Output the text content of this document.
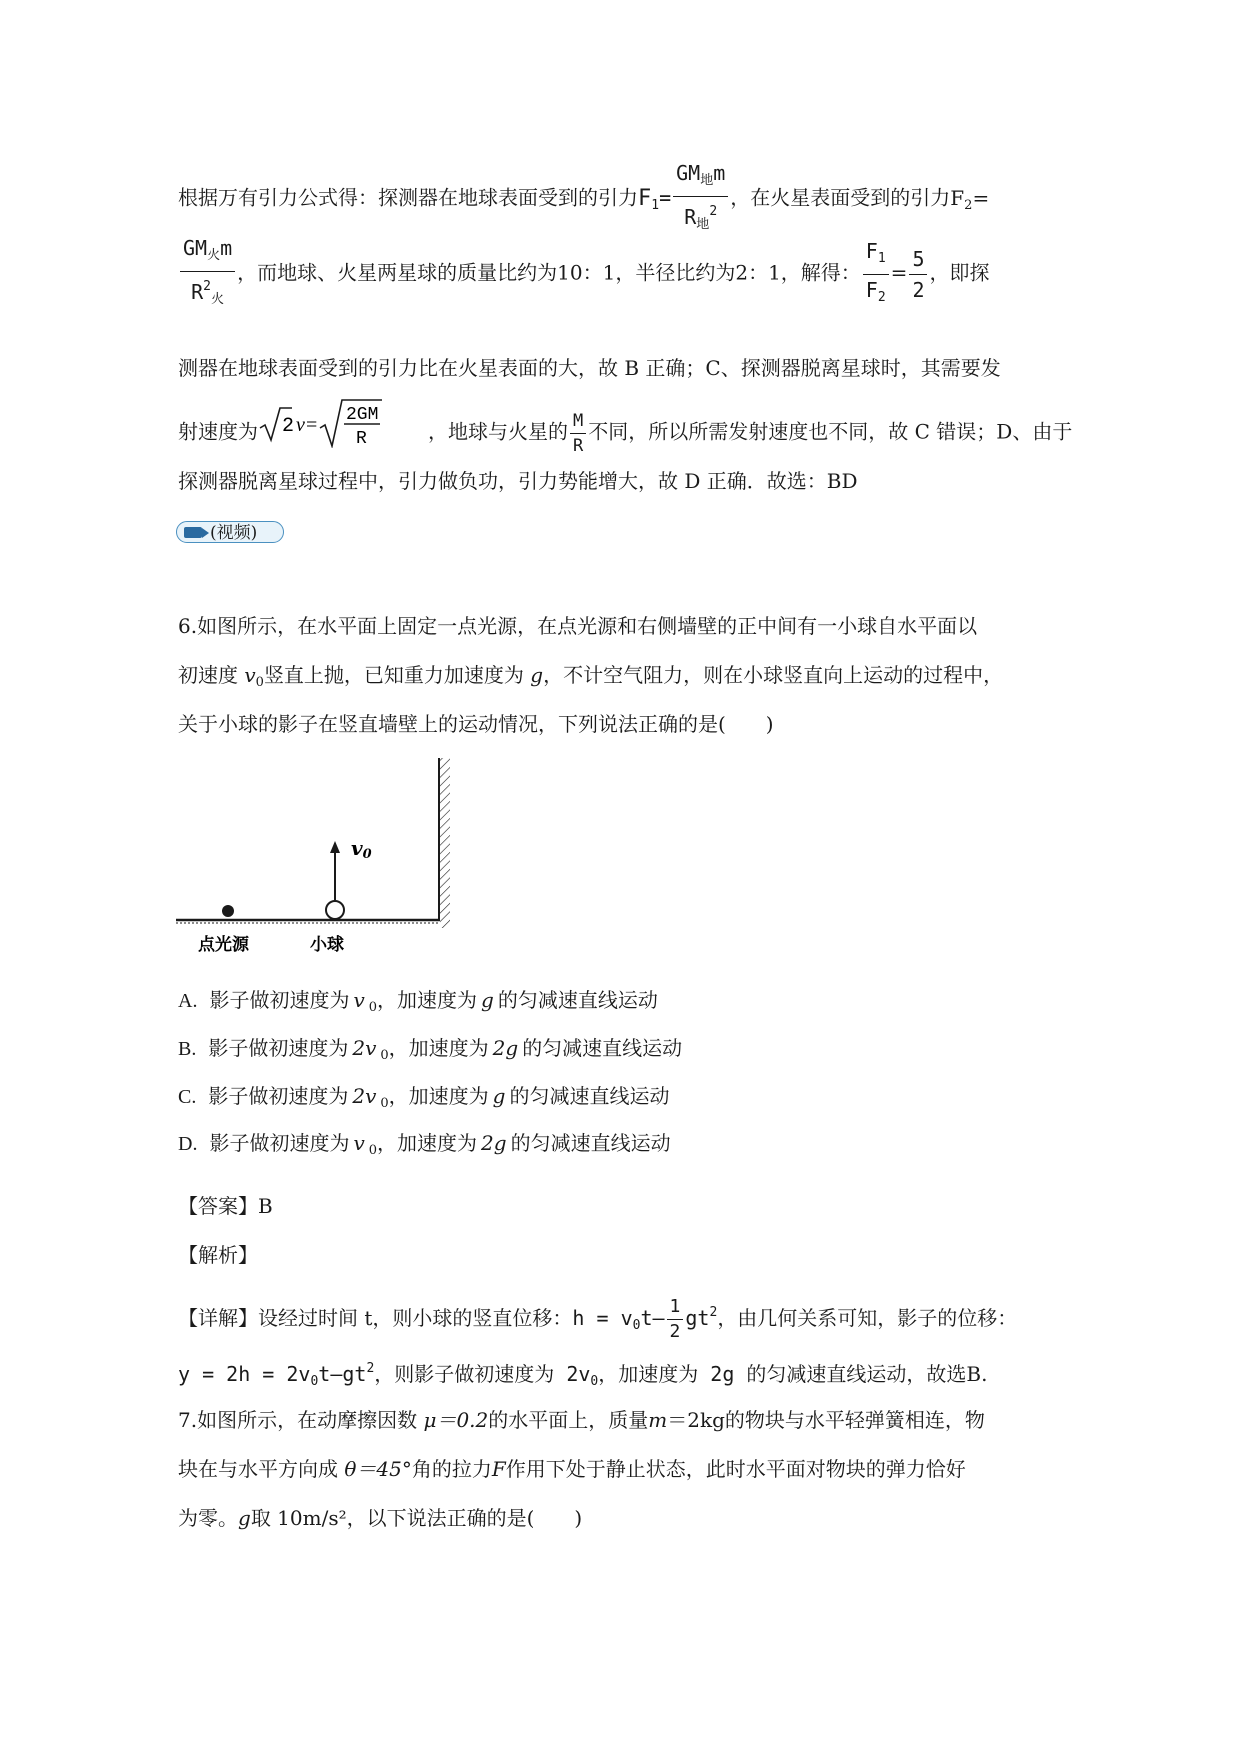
根据万有引力公式得：探测器在地球表面受到的引力$F_1= \frac{GM_地m}{R_地^2}$ ，在火星表面受到的引力$F_2=$
$\frac{GM_火m}{R^2_火}$ ，而地球、火星两星球的质量比约为10：1，半径比约为2：1，解得： $\frac{F_1}{F_2} = \frac{5}{2}$ ，即探
测器在地球表面受到的引力比在火星表面的大，故 B 正确；C、探测器脱离星球时，其需要发
射速度为 2 v = 2GM
R	，地球与火星的 $\frac{M}{R}$ 不同，所以所需发射速度也不同，故 C 错误；D、由于
探测器脱离星球过程中，引力做负功，引力势能增大，故 D 正确．故选：BD
(视频)
6.如图所示，在水平面上固定一点光源，在点光源和右侧墙壁的正中间有一小球自水平面以
初速度 $v_0$竖直上抛，已知重力加速度为 g，不计空气阻力，则在小球竖直向上运动的过程中，
关于小球的影子在竖直墙壁上的运动情况，下列说法正确的是(　　)
v0
点光源	小球
A. 影子做初速度为 v $_0$，加速度为 g 的匀减速直线运动
B. 影子做初速度为 2v $_0$，加速度为 2g 的匀减速直线运动
C. 影子做初速度为 2v $_0$，加速度为 g 的匀减速直线运动
D. 影子做初速度为 v $_0$，加速度为 2g 的匀减速直线运动
【答案】B
【解析】
【详解】设经过时间 t，则小球的竖直位移：$h = v_0t- \frac{1}{2} gt^2$，由几何关系可知，影子的位移：
$y = 2h = 2v_0t-gt^2$，则影子做初速度为 $2v_0$，加速度为 2g 的匀减速直线运动，故选B.
7.如图所示，在动摩擦因数 μ＝0.2的水平面上，质量m＝2kg的物块与水平轻弹簧相连，物
块在与水平方向成 θ＝45°角的拉力F作用下处于静止状态，此时水平面对物块的弹力恰好
为零。g取 10m/s²，以下说法正确的是(　　)
